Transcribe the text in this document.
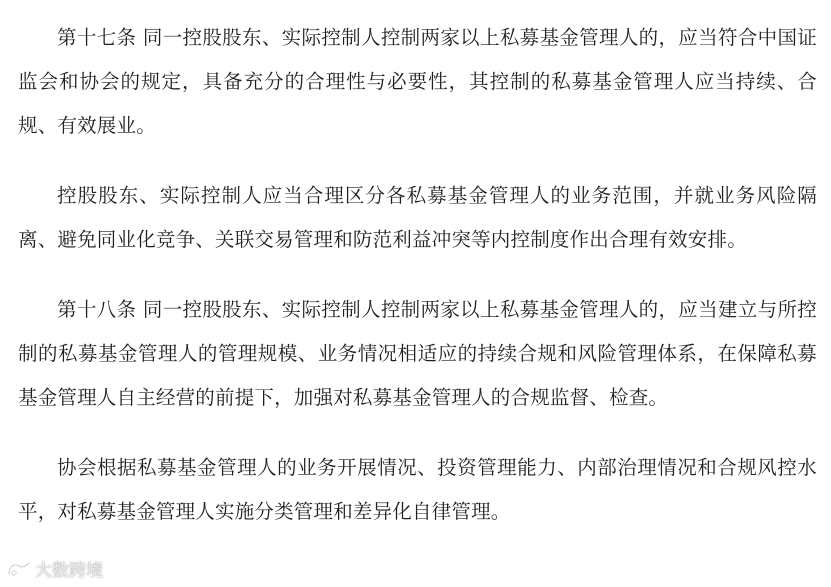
第十七条 同一控股股东、实际控制人控制两家以上私募基金管理人的，应当符合中国证监会和协会的规定，具备充分的合理性与必要性，其控制的私募基金管理人应当持续、合规、有效展业。

控股股东、实际控制人应当合理区分各私募基金管理人的业务范围，并就业务风险隔离、避免同业化竞争、关联交易管理和防范利益冲突等内控制度作出合理有效安排。

第十八条 同一控股股东、实际控制人控制两家以上私募基金管理人的，应当建立与所控制的私募基金管理人的管理规模、业务情况相适应的持续合规和风险管理体系，在保障私募基金管理人自主经营的前提下，加强对私募基金管理人的合规监督、检查。

协会根据私募基金管理人的业务开展情况、投资管理能力、内部治理情况和合规风控水平，对私募基金管理人实施分类管理和差异化自律管理。

大数跨境
